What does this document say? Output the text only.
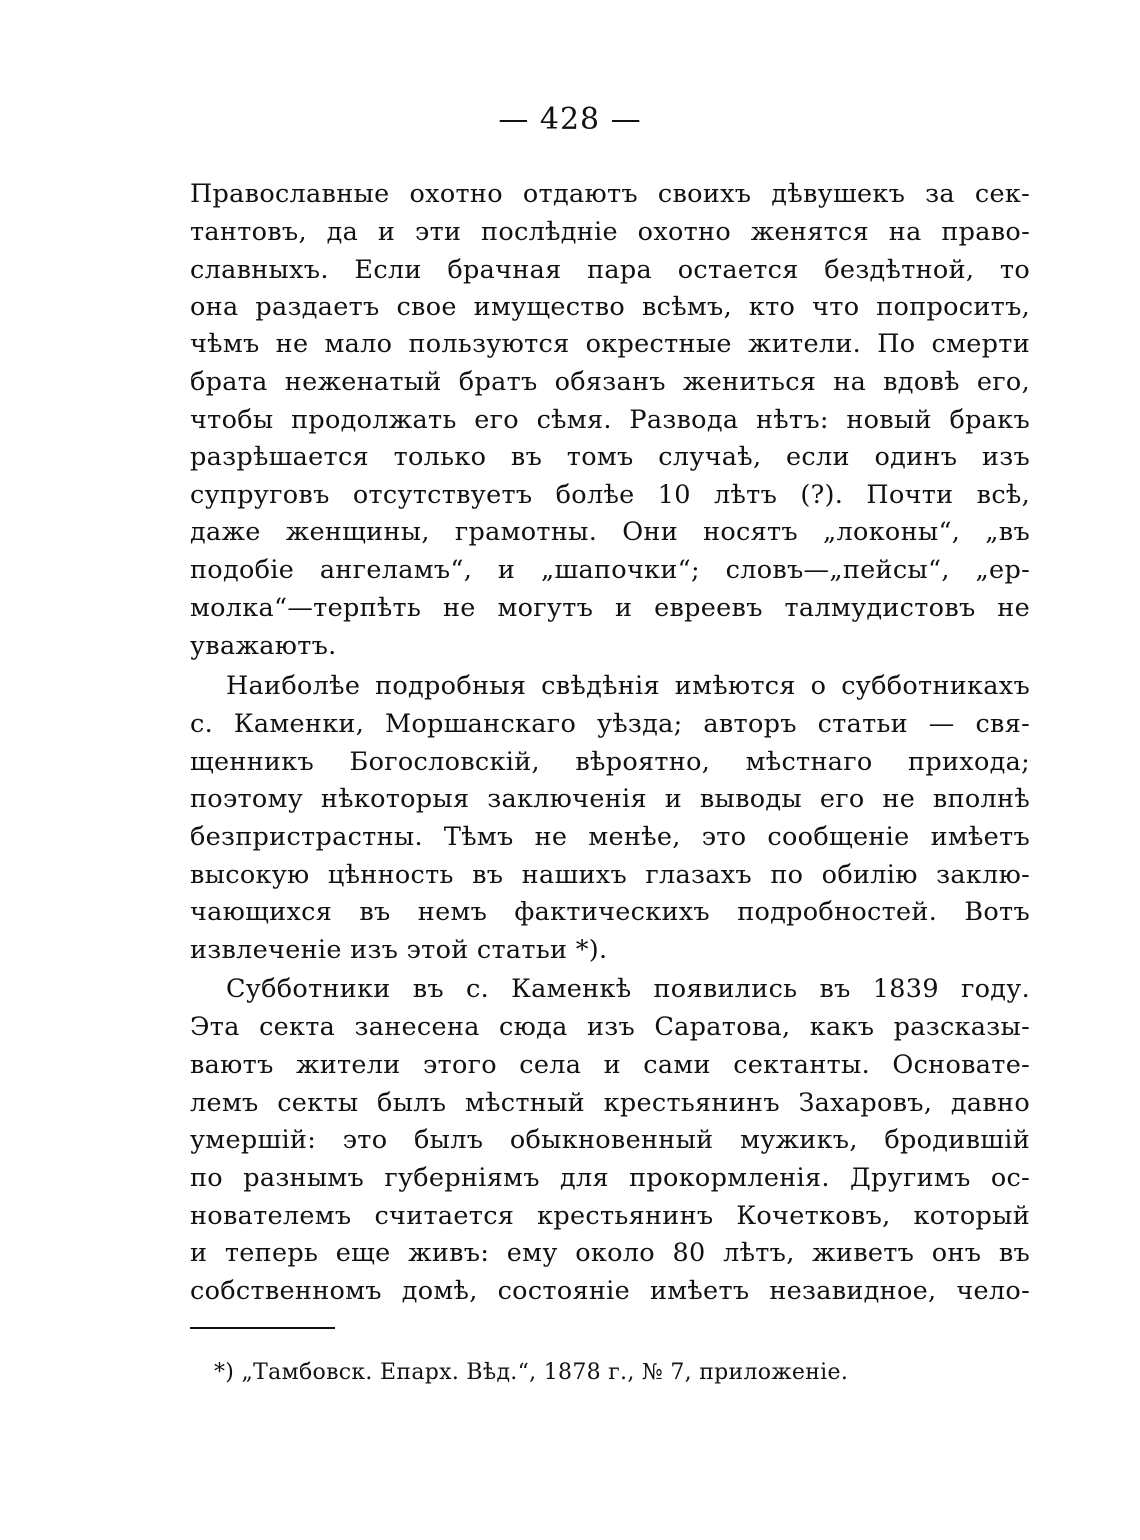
— 428 —
Православные охотно отдаютъ своихъ дѣвушекъ за сек-
тантовъ, да и эти послѣдніе охотно женятся на право-
славныхъ. Если брачная пара остается бездѣтной, то
она раздаетъ свое имущество всѣмъ, кто что попроситъ,
чѣмъ не мало пользуются окрестные жители. По смерти
брата неженатый братъ обязанъ жениться на вдовѣ его,
чтобы продолжать его сѣмя. Развода нѣтъ: новый бракъ
разрѣшается только въ томъ случаѣ, если одинъ изъ
супруговъ отсутствуетъ болѣе 10 лѣтъ (?). Почти всѣ,
даже женщины, грамотны. Они носятъ „локоны“, „въ
подобіе ангеламъ“, и „шапочки“; словъ—„пейсы“, „ер-
молка“—терпѣть не могутъ и евреевъ талмудистовъ не
уважаютъ.
Наиболѣе подробныя свѣдѣнія имѣются о субботникахъ
с. Каменки, Моршанскаго уѣзда; авторъ статьи — свя-
щенникъ Богословскій, вѣроятно, мѣстнаго прихода;
поэтому нѣкоторыя заключенія и выводы его не вполнѣ
безпристрастны. Тѣмъ не менѣе, это сообщеніе имѣетъ
высокую цѣнность въ нашихъ глазахъ по обилію заклю-
чающихся въ немъ фактическихъ подробностей. Вотъ
извлеченіе изъ этой статьи *).
Субботники въ с. Каменкѣ появились въ 1839 году.
Эта секта занесена сюда изъ Саратова, какъ разсказы-
ваютъ жители этого села и сами сектанты. Основате-
лемъ секты былъ мѣстный крестьянинъ Захаровъ, давно
умершій: это былъ обыкновенный мужикъ, бродившій
по разнымъ губерніямъ для прокормленія. Другимъ ос-
нователемъ считается крестьянинъ Кочетковъ, который
и теперь еще живъ: ему около 80 лѣтъ, живетъ онъ въ
собственномъ домѣ, состояніе имѣетъ незавидное, чело-
*) „Тамбовск. Епарх. Вѣд.“, 1878 г., № 7, приложеніе.
